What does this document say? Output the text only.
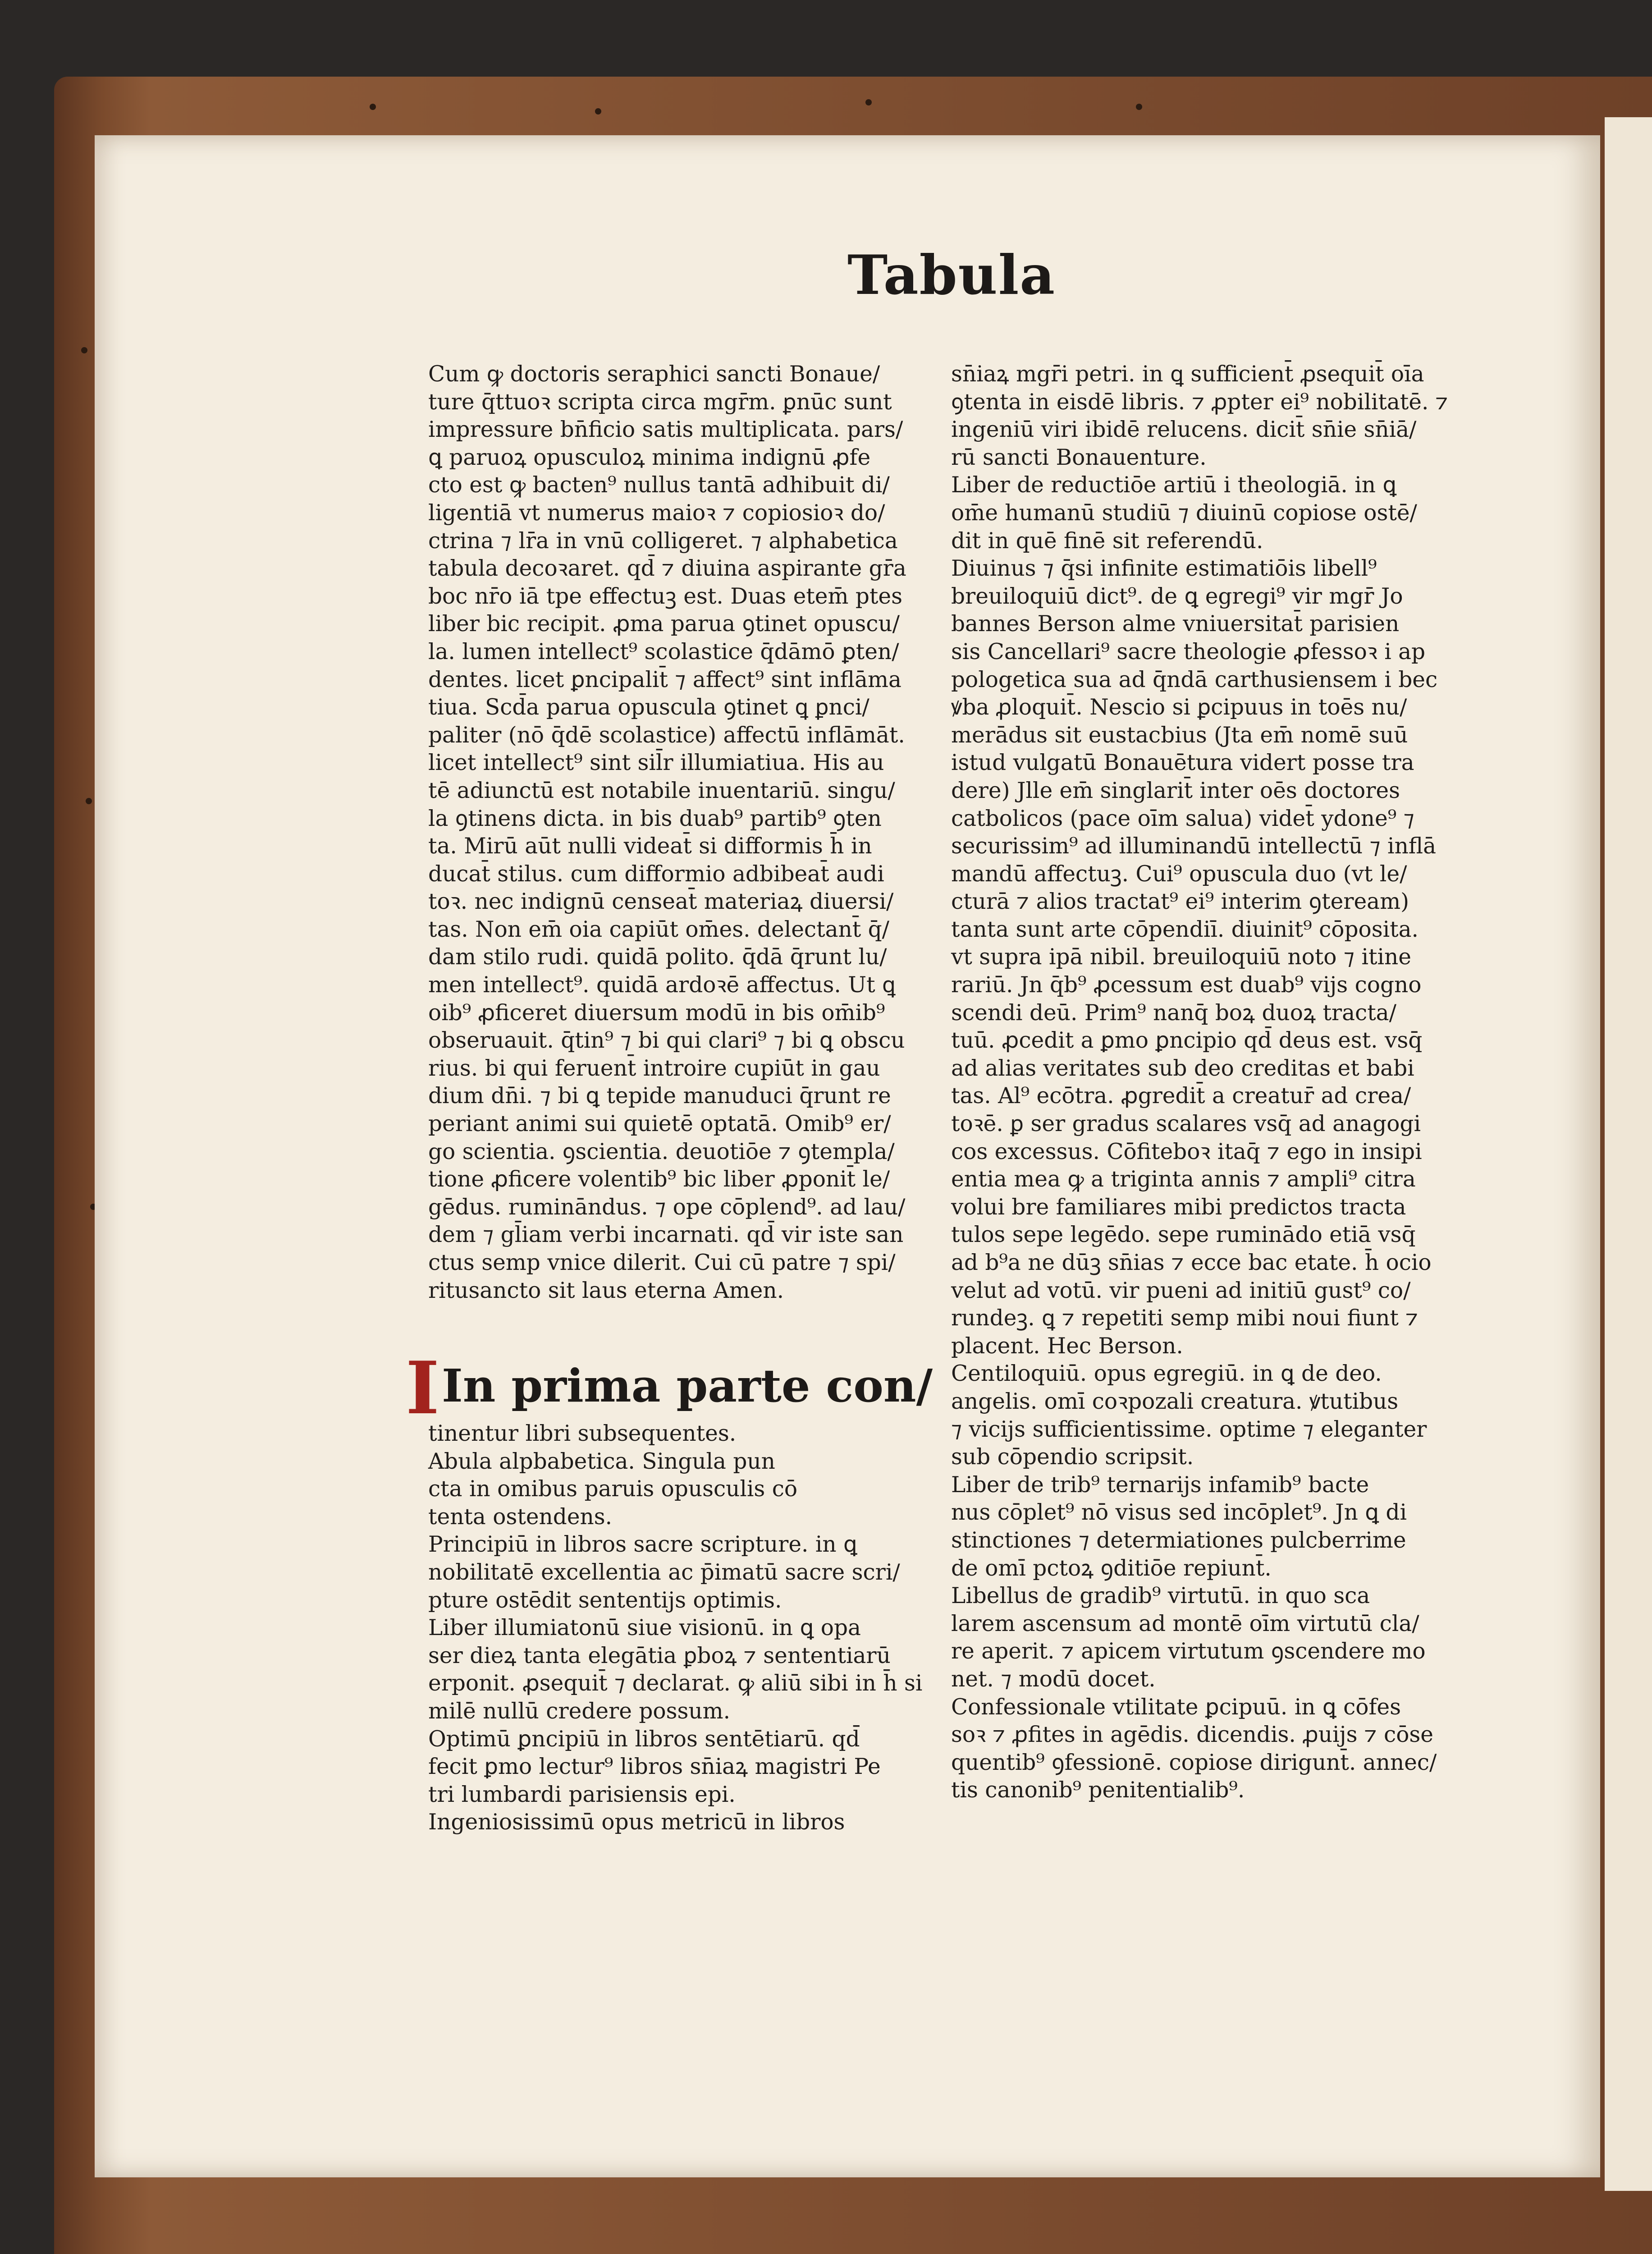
Tabula

Cum ꝙ doctoris seraphici sancti Bonaue/

ture q̄ttuoꝛ scripta circa mgr̄m. ꝑnūc sunt

impressure bn̄ficio satis multiplicata. pars/

ꝗ paruoꝝ opusculoꝝ minima indignū ꝓfe

cto est ꝙ bacten⁹ nullus tantā adhibuit di/

ligentiā vt numerus maioꝛ ⁊ copiosioꝛ do/

ctrina ⁊ lr̄a in vnū colligeret. ⁊ alphabetica

tabula decoꝛaret. qd̄ ⁊ diuina aspirante gr̄a

boc nr̄o iā tpe effectuꝫ est. Duas etem̄ ptes

liber bic recipit. ꝓma parua ꝯtinet opuscu/

la. lumen intellect⁹ scolastice q̄dāmō ꝑten/

dentes. licet ꝑncipalit̄ ⁊ affect⁹ sint inflāma

tiua. Scd̄a parua opuscula ꝯtinet ꝗ ꝑnci/

paliter (nō q̄dē scolastice) affectū inflāmāt.

licet intellect⁹ sint sil̄r illumiatiua. His au

tē adiunctū est notabile inuentariū. singu/

la ꝯtinens dicta. in bis duab⁹ partib⁹ ꝯten

ta. Mirū aūt nulli videat̄ si difformis h̄ in

ducat̄ stilus. cum difformio adbibeat̄ audi

toꝛ. nec indignū censeat̄ materiaꝝ diuersi/

tas. Non em̄ oia capiūt om̄es. delectant̄ q̄/

dam stilo rudi. quidā polito. q̄dā q̄runt lu/

men intellect⁹. quidā ardoꝛē affectus. Ut ꝗ

oib⁹ ꝓficeret diuersum modū in bis om̄ib⁹

obseruauit. q̄tin⁹ ⁊ bi qui clari⁹ ⁊ bi ꝗ obscu

rius. bi qui feruent̄ introire cupiūt in gau

dium dn̄i. ⁊ bi ꝗ tepide manuduci q̄runt re

periant animi sui quietē optatā. Omib⁹ er/

go scientia. ꝯscientia. deuotiōe ⁊ ꝯtempla/

tione ꝓficere volentib⁹ bic liber ꝓponit̄ le/

gēdus. rumināndus. ⁊ ope cōplend⁹. ad lau/

dem ⁊ gl̄iam verbi incarnati. qd̄ vir iste san

ctus semp vnice dilerit. Cui cū patre ⁊ spi/

ritusancto sit laus eterna Amen.

I In prima parte con/

tinentur libri subsequentes.

Abula alpbabetica. Singula pun

cta in omibus paruis opusculis cō

tenta ostendens.

Principiū in libros sacre scripture. in ꝗ

nobilitatē excellentia ac p̄imatū sacre scri/

pture ostēdit sententijs optimis.

Liber illumiatonū siue visionū. in ꝗ opa

ser dieꝝ tanta elegātia ꝑboꝝ ⁊ sententiarū

erponit. ꝓsequit̄ ⁊ declarat. ꝙ aliū sibi in h̄ si

milē nullū credere possum.

Optimū ꝑncipiū in libros sentētiarū. qd̄

fecit ꝑmo lectur⁹ libros sn̄iaꝝ magistri Pe

tri lumbardi parisiensis epi.

Ingeniosissimū opus metricū in libros

sn̄iaꝝ mgr̄i petri. in ꝗ sufficient̄ ꝓsequit̄ oīa

ꝯtenta in eisdē libris. ⁊ ꝓpter ei⁹ nobilitatē. ⁊

ingeniū viri ibidē relucens. dicit̄ sn̄ie sn̄iā/

rū sancti Bonauenture.

Liber de reductiōe artiū i theologiā. in ꝗ

om̄e humanū studiū ⁊ diuinū copiose ostē/

dit in quē finē sit referendū.

Diuinus ⁊ q̄si infinite estimatiōis libell⁹

breuiloquiū dict⁹. de ꝗ egregi⁹ vir mgr̄ Jo

bannes Berson alme vniuersitat̄ parisien

sis Cancellari⁹ sacre theologie ꝓfessoꝛ i ap

pologetica sua ad q̄ndā carthusiensem i bec

ꝟba ꝓloquit̄. Nescio si ꝑcipuus in toēs nu/

merādus sit eustacbius (Jta em̄ nomē suū

istud vulgatū Bonauētura vidert posse tra

dere) Jlle em̄ singlarit̄ inter oēs doctores

catbolicos (pace oīm salua) videt̄ ydone⁹ ⁊

securissim⁹ ad illuminandū intellectū ⁊ inflā

mandū affectuꝫ. Cui⁹ opuscula duo (vt le/

cturā ⁊ alios tractat⁹ ei⁹ interim ꝯteream)

tanta sunt arte cōpendiī. diuinit⁹ cōposita.

vt supra ipā nibil. breuiloquiū noto ⁊ itine

rariū. Jn q̄b⁹ ꝓcessum est duab⁹ vijs cogno

scendi deū. Prim⁹ nanq̄ boꝝ duoꝝ tracta/

tuū. ꝓcedit a ꝑmo ꝑncipio qd̄ deus est. vsq̄

ad alias veritates sub deo creditas et babi

tas. Al⁹ ecōtra. ꝓgredit̄ a creatur̄ ad crea/

toꝛē. ꝑ ser gradus scalares vsq̄ ad anagogi

cos excessus. Cōfiteboꝛ itaq̄ ⁊ ego in insipi

entia mea ꝙ a triginta annis ⁊ ampli⁹ citra

volui bre familiares mibi predictos tracta

tulos sepe legēdo. sepe ruminādo etiā vsq̄

ad b⁹a ne dūꝫ sn̄ias ⁊ ecce bac etate. h̄ ocio

velut ad votū. vir pueni ad initiū gust⁹ co/

rundeꝫ. ꝗ ⁊ repetiti semp mibi noui fiunt ⁊

placent. Hec Berson.

Centiloquiū. opus egregiū. in ꝗ de deo.

angelis. omī coꝛpozali creatura. ꝟtutibus

⁊ vicijs sufficientissime. optime ⁊ eleganter

sub cōpendio scripsit.

Liber de trib⁹ ternarijs infamib⁹ bacte

nus cōplet⁹ nō visus sed incōplet⁹. Jn ꝗ di

stinctiones ⁊ determiationes pulcberrime

de omī pctoꝝ ꝯditiōe repiunt̄.

Libellus de gradib⁹ virtutū. in quo sca

larem ascensum ad montē oīm virtutū cla/

re aperit. ⁊ apicem virtutum ꝯscendere mo

net. ⁊ modū docet.

Confessionale vtilitate ꝑcipuū. in ꝗ cōfes

soꝛ ⁊ ꝓfites in agēdis. dicendis. ꝓuijs ⁊ cōse

quentib⁹ ꝯfessionē. copiose dirigunt̄. annec/

tis canonib⁹ penitentialib⁹.
